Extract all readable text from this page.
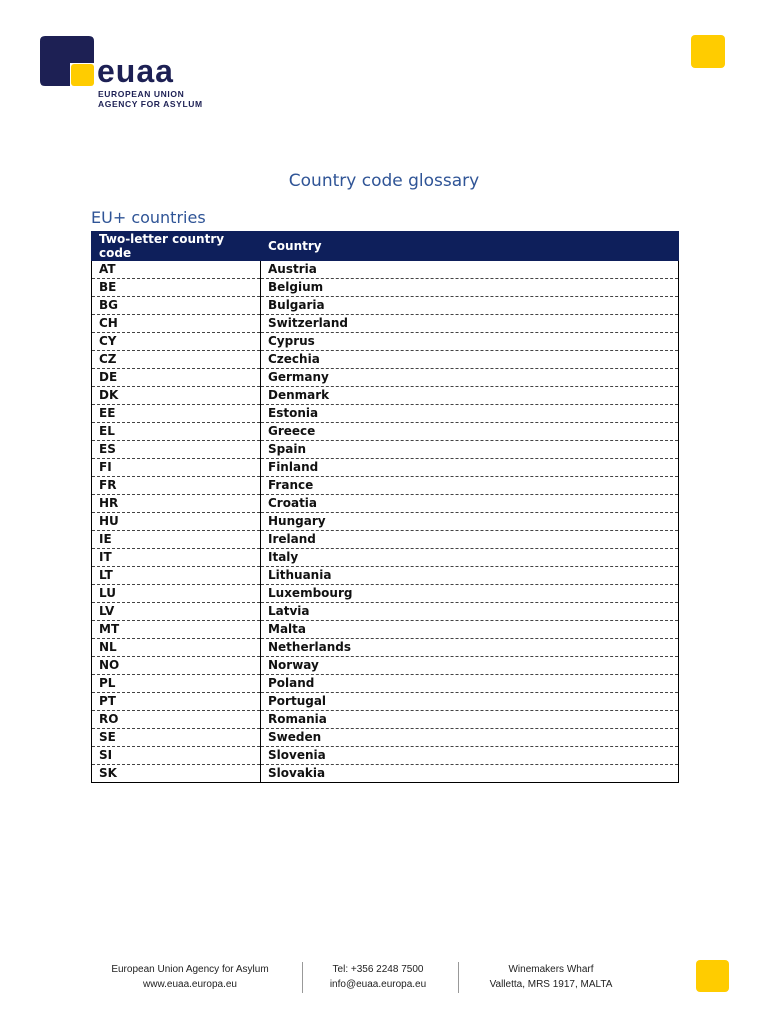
euaa
EUROPEAN UNION
AGENCY FOR ASYLUM
Country code glossary
EU+ countries
Two-letter country code	Country
AT	Austria
BE	Belgium
BG	Bulgaria
CH	Switzerland
CY	Cyprus
CZ	Czechia
DE	Germany
DK	Denmark
EE	Estonia
EL	Greece
ES	Spain
FI	Finland
FR	France
HR	Croatia
HU	Hungary
IE	Ireland
IT	Italy
LT	Lithuania
LU	Luxembourg
LV	Latvia
MT	Malta
NL	Netherlands
NO	Norway
PL	Poland
PT	Portugal
RO	Romania
SE	Sweden
SI	Slovenia
SK	Slovakia
European Union Agency for Asylum
www.euaa.europa.eu
Tel: +356 2248 7500
info@euaa.europa.eu
Winemakers Wharf
Valletta, MRS 1917, MALTA
